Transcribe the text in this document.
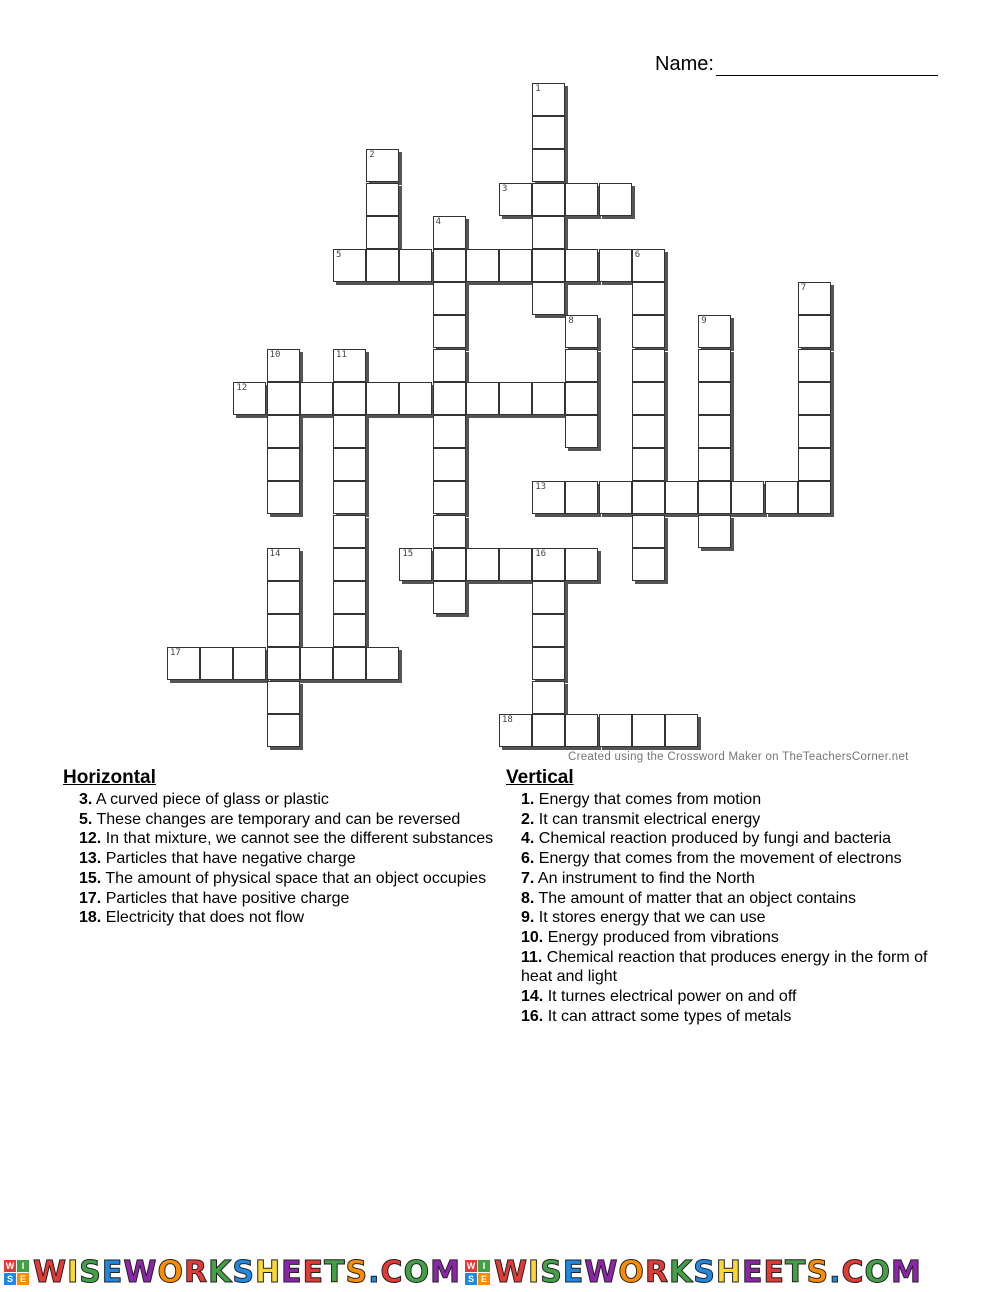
Name:
1
2
3
4
5	6
7
8	9
10	11
12
13
14	15	16
17
18
Created using the Crossword Maker on TheTeachersCorner.net
Horizontal
3. A curved piece of glass or plastic
5. These changes are temporary and can be reversed
12. In that mixture, we cannot see the different substances
13. Particles that have negative charge
15. The amount of physical space that an object occupies
17. Particles that have positive charge
18. Electricity that does not flow
Vertical
1. Energy that comes from motion
2. It can transmit electrical energy
4. Chemical reaction produced by fungi and bacteria
6. Energy that comes from the movement of electrons
7. An instrument to find the North
8. The amount of matter that an object contains
9. It stores energy that we can use
10. Energy produced from vibrations
11. Chemical reaction that produces energy in the form of heat and light
14. It turnes electrical power on and off
16. It can attract some types of metals
W I
S E WISEWORKSHEETS.COM W I
S E WISEWORKSHEETS.COM
